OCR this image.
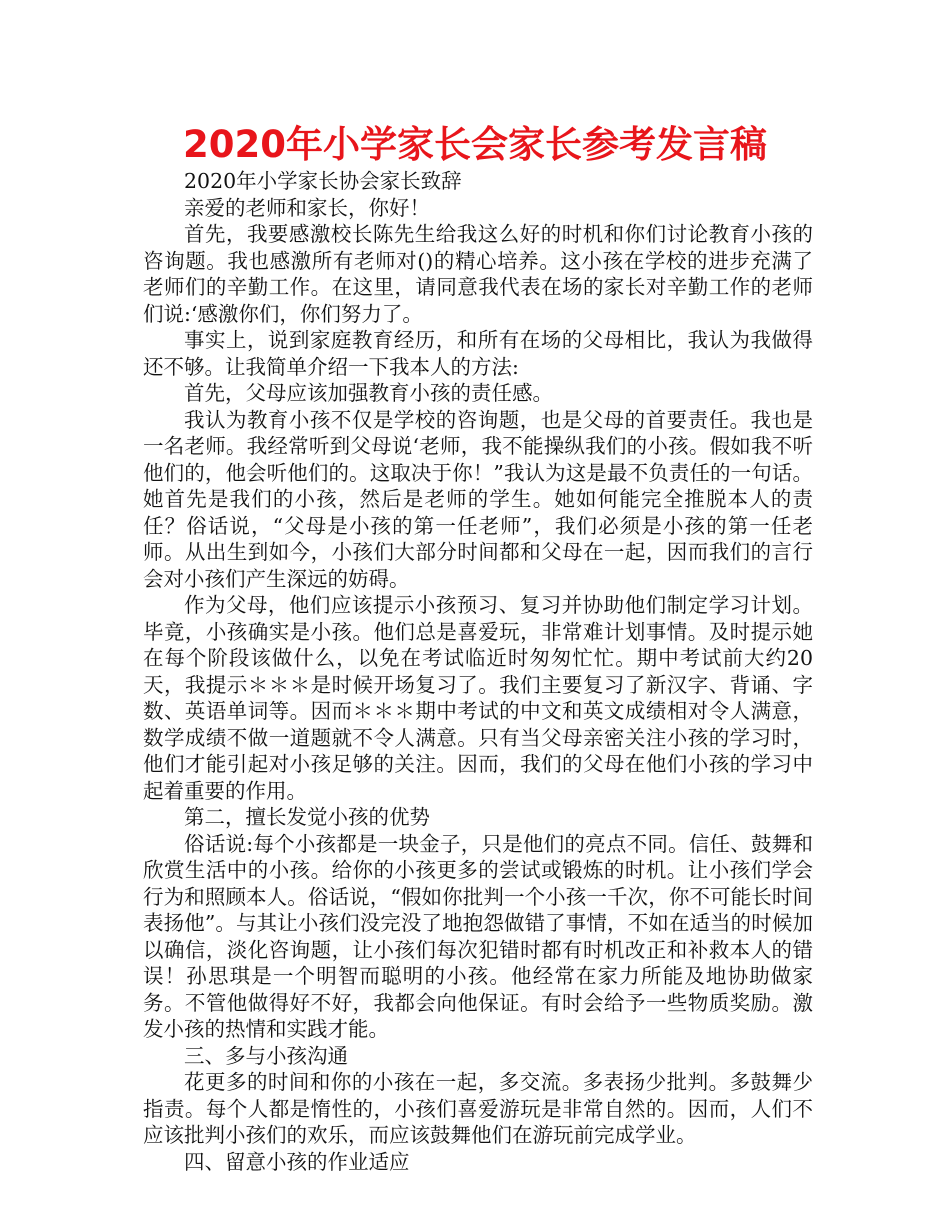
2020年小学家长会家长参考发言稿

2020年小学家长协会家长致辞

亲爱的老师和家长，你好！

首先，我要感激校长陈先生给我这么好的时机和你们讨论教育小孩的咨询题。我也感激所有老师对()的精心培养。这小孩在学校的进步充满了老师们的辛勤工作。在这里，请同意我代表在场的家长对辛勤工作的老师们说:‘感激你们，你们努力了。

事实上，说到家庭教育经历，和所有在场的父母相比，我认为我做得还不够。让我简单介绍一下我本人的方法:

首先，父母应该加强教育小孩的责任感。

我认为教育小孩不仅是学校的咨询题，也是父母的首要责任。我也是一名老师。我经常听到父母说‘老师，我不能操纵我们的小孩。假如我不听他们的，他会听他们的。这取决于你！”我认为这是最不负责任的一句话。她首先是我们的小孩，然后是老师的学生。她如何能完全推脱本人的责任？俗话说，“父母是小孩的第一任老师”，我们必须是小孩的第一任老师。从出生到如今，小孩们大部分时间都和父母在一起，因而我们的言行会对小孩们产生深远的妨碍。

作为父母，他们应该提示小孩预习、复习并协助他们制定学习计划。毕竟，小孩确实是小孩。他们总是喜爱玩，非常难计划事情。及时提示她在每个阶段该做什么，以免在考试临近时匆匆忙忙。期中考试前大约20天，我提示＊＊＊是时候开场复习了。我们主要复习了新汉字、背诵、字数、英语单词等。因而＊＊＊期中考试的中文和英文成绩相对令人满意，数学成绩不做一道题就不令人满意。只有当父母亲密关注小孩的学习时，他们才能引起对小孩足够的关注。因而，我们的父母在他们小孩的学习中起着重要的作用。

第二，擅长发觉小孩的优势

俗话说:每个小孩都是一块金子，只是他们的亮点不同。信任、鼓舞和欣赏生活中的小孩。给你的小孩更多的尝试或锻炼的时机。让小孩们学会行为和照顾本人。俗话说，“假如你批判一个小孩一千次，你不可能长时间表扬他”。与其让小孩们没完没了地抱怨做错了事情，不如在适当的时候加以确信，淡化咨询题，让小孩们每次犯错时都有时机改正和补救本人的错误！孙思琪是一个明智而聪明的小孩。他经常在家力所能及地协助做家务。不管他做得好不好，我都会向他保证。有时会给予一些物质奖励。激发小孩的热情和实践才能。

三、多与小孩沟通

花更多的时间和你的小孩在一起，多交流。多表扬少批判。多鼓舞少指责。每个人都是惰性的，小孩们喜爱游玩是非常自然的。因而，人们不应该批判小孩们的欢乐，而应该鼓舞他们在游玩前完成学业。

四、留意小孩的作业适应
